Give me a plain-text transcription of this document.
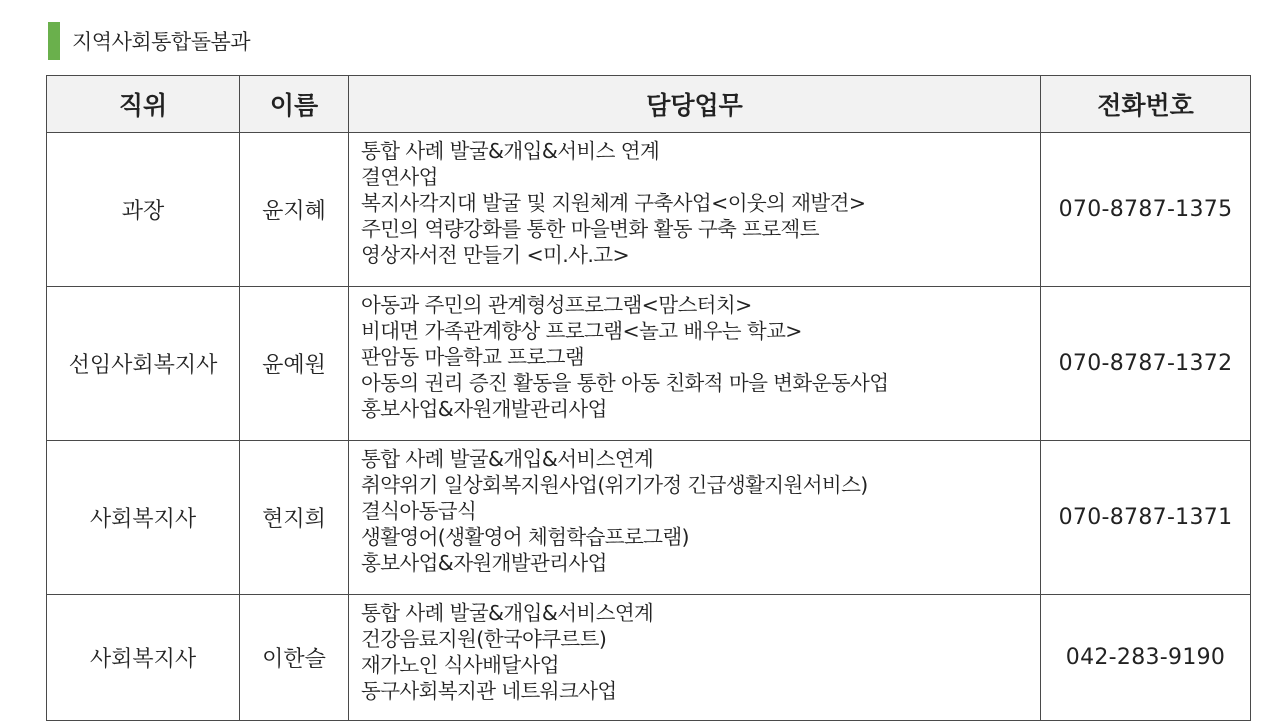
지역사회통합돌봄과
직위	이름	담당업무	전화번호
과장	윤지혜	통합 사례 발굴&개입&서비스 연계
결연사업
복지사각지대 발굴 및 지원체계 구축사업<이웃의 재발견>
주민의 역량강화를 통한 마을변화 활동 구축 프로젝트
영상자서전 만들기 <미.사.고>	070-8787-1375
선임사회복지사	윤예원	아동과 주민의 관계형성프로그램<맘스터치>
비대면 가족관계향상 프로그램<놀고 배우는 학교>
판암동 마을학교 프로그램
아동의 권리 증진 활동을 통한 아동 친화적 마을 변화운동사업
홍보사업&자원개발관리사업	070-8787-1372
사회복지사	현지희	통합 사례 발굴&개입&서비스연계
취약위기 일상회복지원사업(위기가정 긴급생활지원서비스)
결식아동급식
생활영어(생활영어 체험학습프로그램)
홍보사업&자원개발관리사업	070-8787-1371
사회복지사	이한슬	통합 사례 발굴&개입&서비스연계
건강음료지원(한국야쿠르트)
재가노인 식사배달사업
동구사회복지관 네트워크사업	042-283-9190
